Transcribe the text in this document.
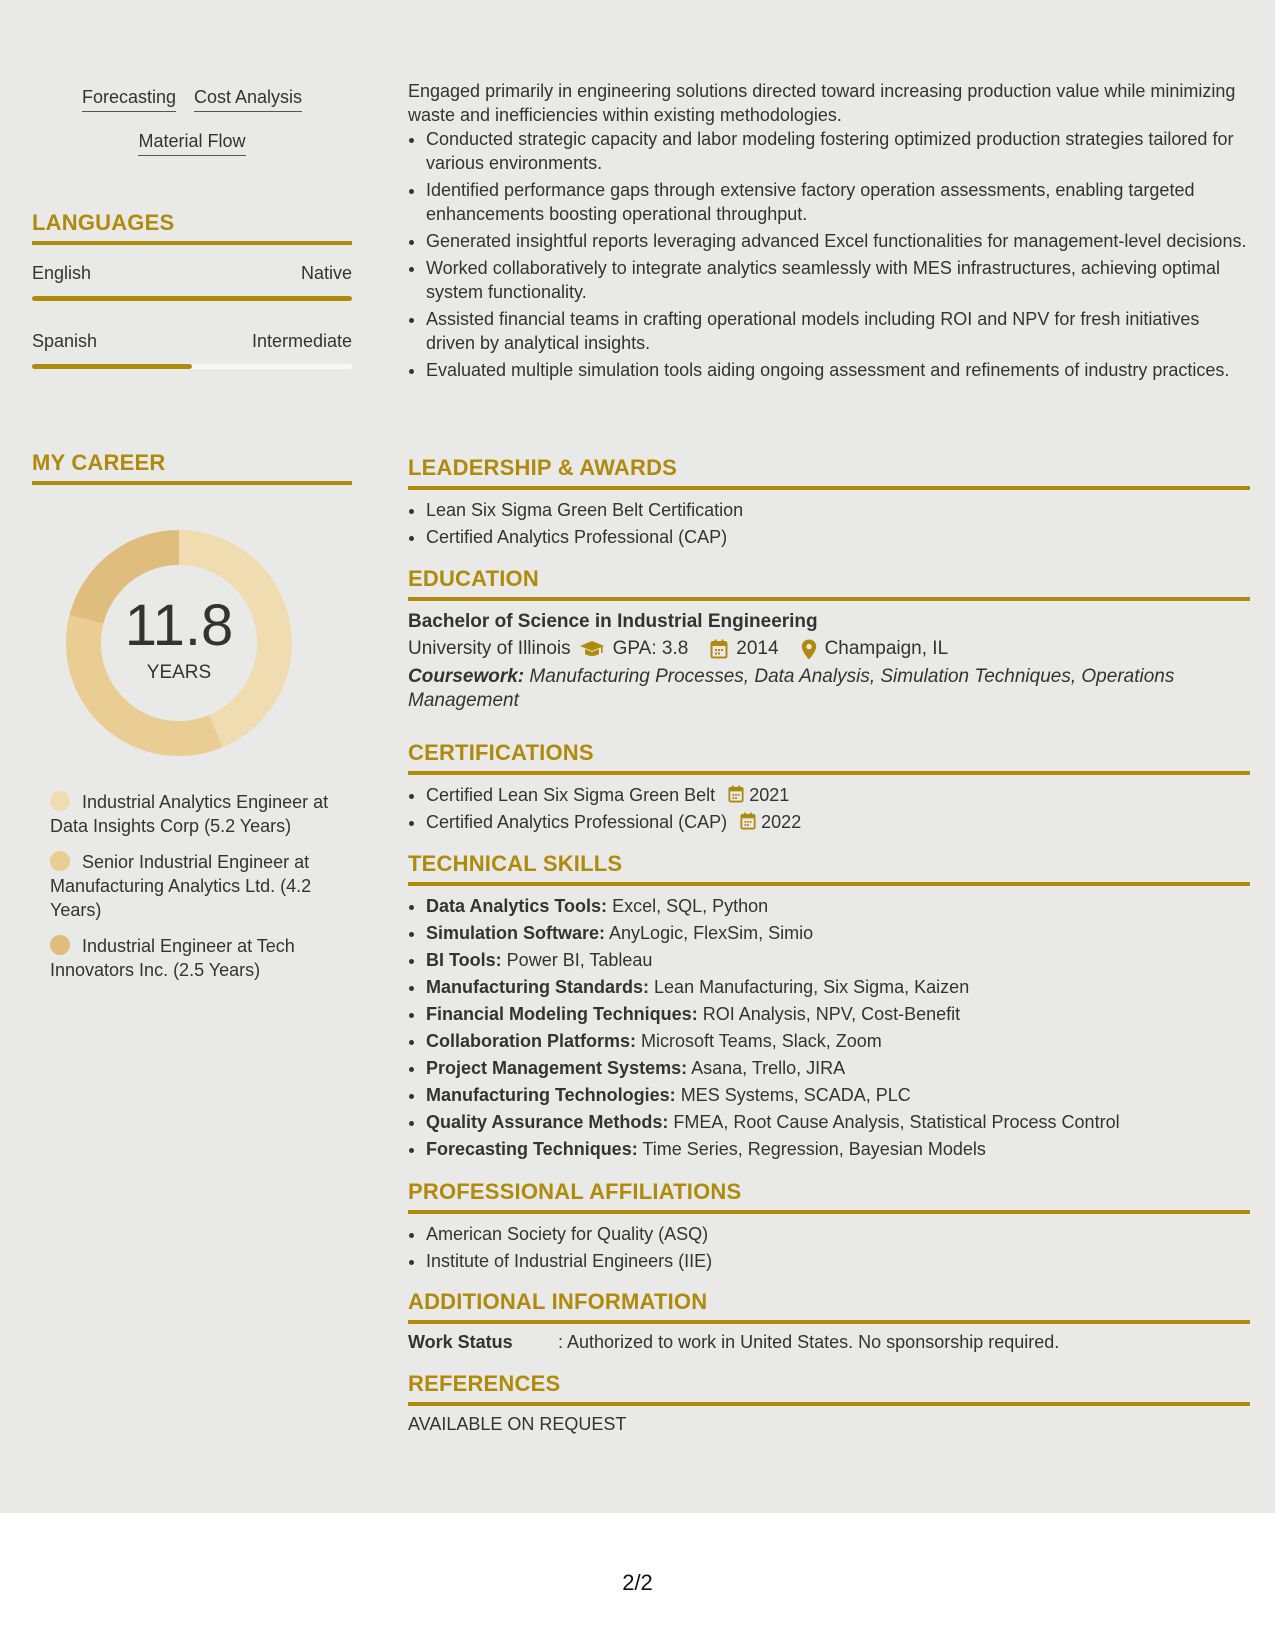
Forecasting Cost Analysis
Material Flow
LANGUAGES
English	Native
Spanish	Intermediate
MY CAREER
11.8
YEARS
Industrial Analytics Engineer at Data Insights Corp (5.2 Years)
Senior Industrial Engineer at Manufacturing Analytics Ltd. (4.2 Years)
Industrial Engineer at Tech Innovators Inc. (2.5 Years)
Engaged primarily in engineering solutions directed toward increasing production value while minimizing waste and inefficiencies within existing methodologies.
• Conducted strategic capacity and labor modeling fostering optimized production strategies tailored for various environments.
• Identified performance gaps through extensive factory operation assessments, enabling targeted enhancements boosting operational throughput.
• Generated insightful reports leveraging advanced Excel functionalities for management-level decisions.
• Worked collaboratively to integrate analytics seamlessly with MES infrastructures, achieving optimal system functionality.
• Assisted financial teams in crafting operational models including ROI and NPV for fresh initiatives driven by analytical insights.
• Evaluated multiple simulation tools aiding ongoing assessment and refinements of industry practices.
LEADERSHIP & AWARDS
• Lean Six Sigma Green Belt Certification
• Certified Analytics Professional (CAP)
EDUCATION
Bachelor of Science in Industrial Engineering
University of Illinois GPA: 3.8	2014 Champaign, IL
Coursework: Manufacturing Processes, Data Analysis, Simulation Techniques, Operations Management
CERTIFICATIONS
• Certified Lean Six Sigma Green Belt 2021
• Certified Analytics Professional (CAP) 2022
TECHNICAL SKILLS
• Data Analytics Tools: Excel, SQL, Python
• Simulation Software: AnyLogic, FlexSim, Simio
• BI Tools: Power BI, Tableau
• Manufacturing Standards: Lean Manufacturing, Six Sigma, Kaizen
• Financial Modeling Techniques: ROI Analysis, NPV, Cost-Benefit
• Collaboration Platforms: Microsoft Teams, Slack, Zoom
• Project Management Systems: Asana, Trello, JIRA
• Manufacturing Technologies: MES Systems, SCADA, PLC
• Quality Assurance Methods: FMEA, Root Cause Analysis, Statistical Process Control
• Forecasting Techniques: Time Series, Regression, Bayesian Models
PROFESSIONAL AFFILIATIONS
• American Society for Quality (ASQ)
• Institute of Industrial Engineers (IIE)
ADDITIONAL INFORMATION
Work Status	: Authorized to work in United States. No sponsorship required.
REFERENCES
AVAILABLE ON REQUEST
2/2
